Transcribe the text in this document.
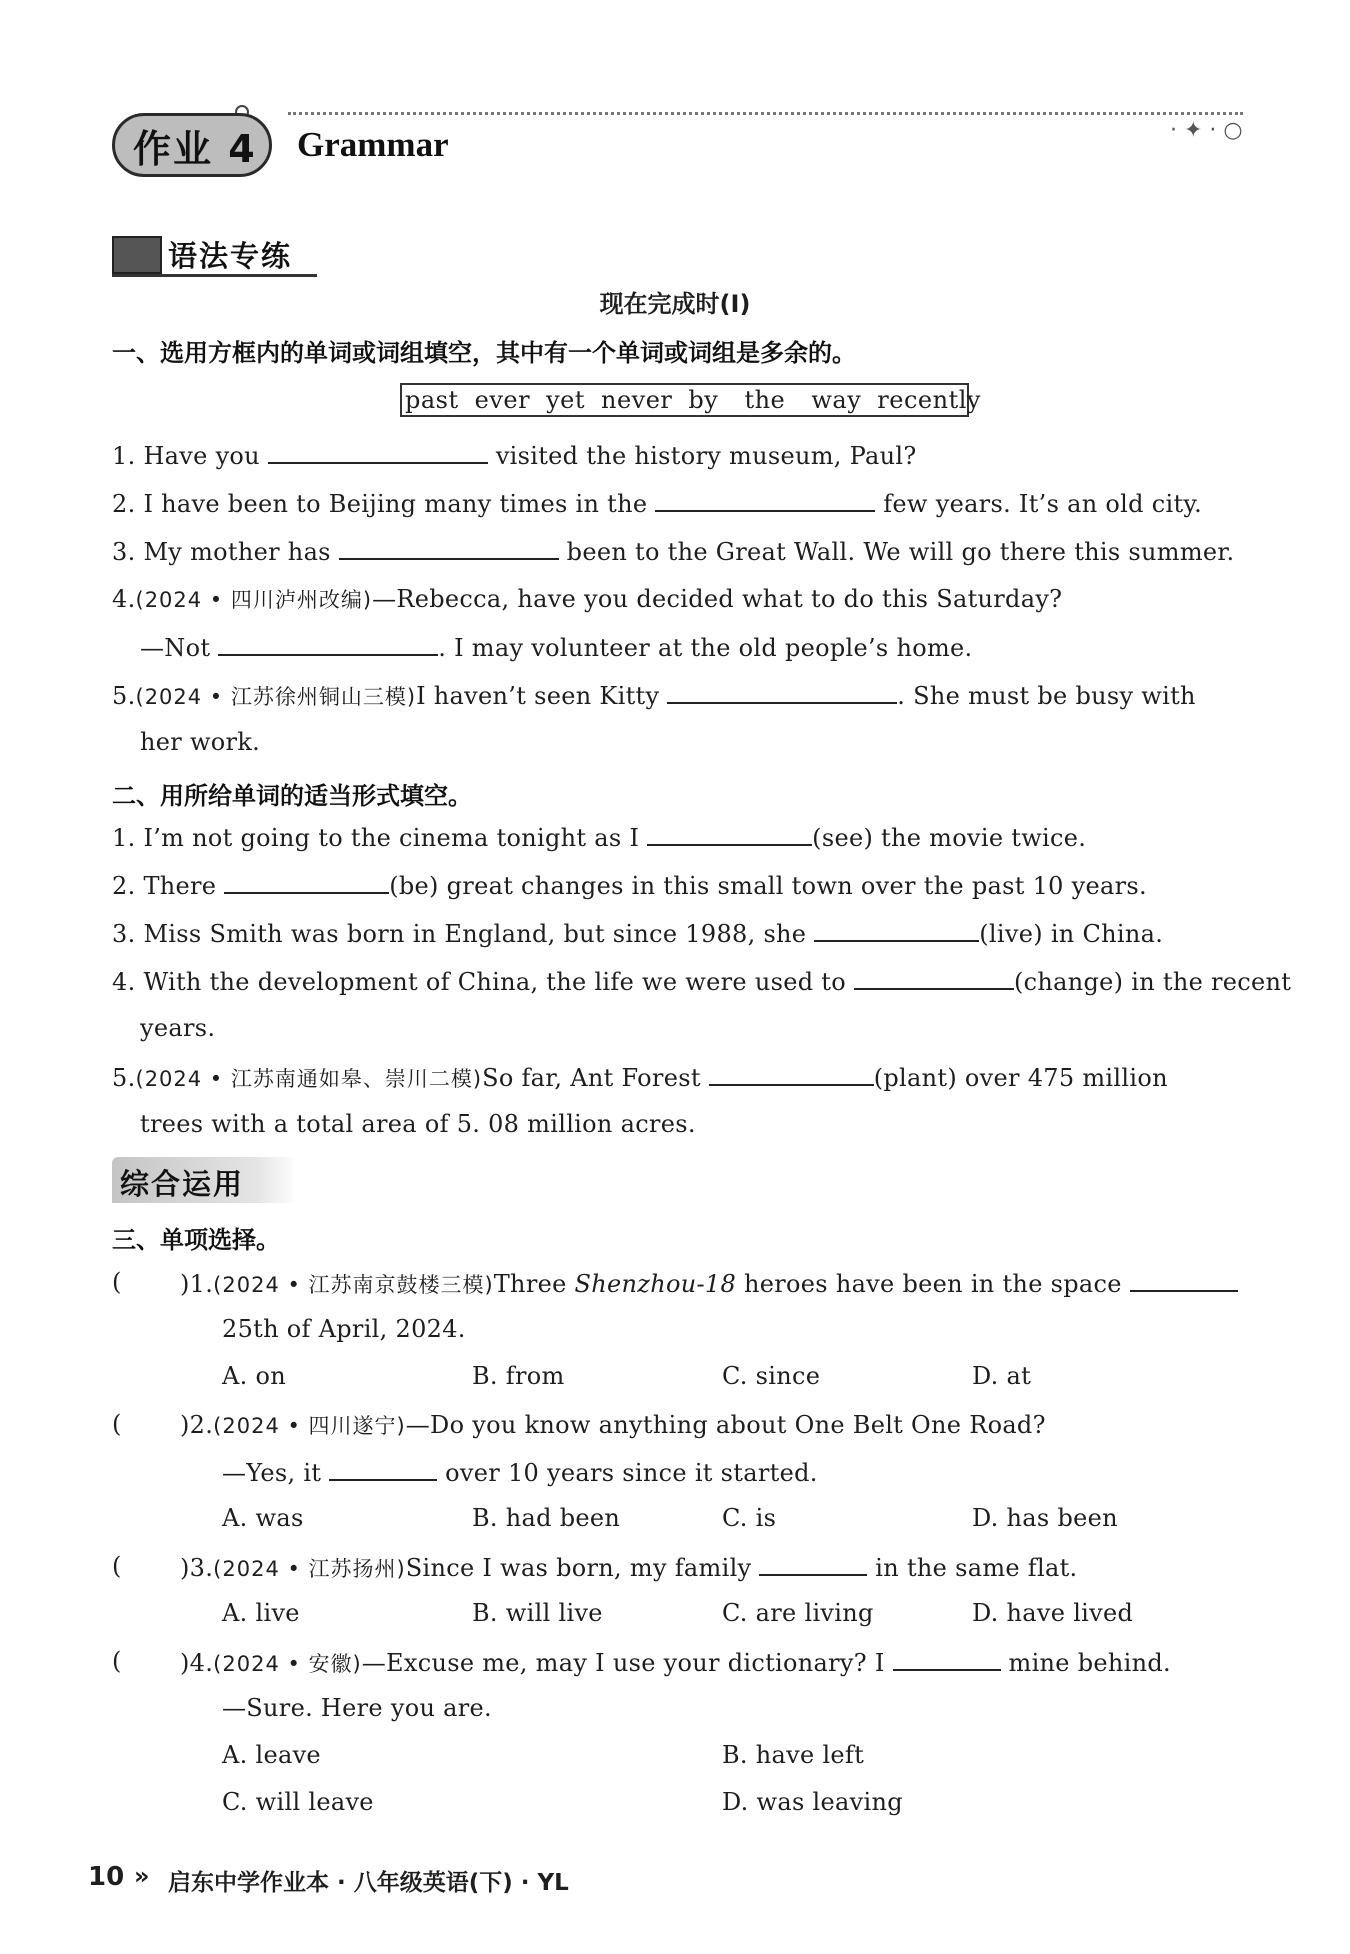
作业 4 Grammar	· ✦ · ○
语法专练
现在完成时(Ⅰ)
一、选用方框内的单词或词组填空，其中有一个单词或词组是多余的。
past ever yet never by the way recently
1. Have you	visited the history museum, Paul?
2. I have been to Beijing many times in the	few years. It’s an old city.
3. My mother has	been to the Great Wall. We will go there this summer.
4.(2024 • 四川泸州改编)—Rebecca, have you decided what to do this Saturday?
—Not	. I may volunteer at the old people’s home.
5.(2024 • 江苏徐州铜山三模)I haven’t seen Kitty	. She must be busy with
her work.
二、用所给单词的适当形式填空。
1. I’m not going to the cinema tonight as I	(see) the movie twice.
2. There	(be) great changes in this small town over the past 10 years.
3. Miss Smith was born in England, but since 1988, she	(live) in China.
4. With the development of China, the life we were used to	(change) in the recent
years.
5.(2024 • 江苏南通如皋、崇川二模)So far, Ant Forest	(plant) over 475 million
trees with a total area of 5. 08 million acres.
综合运用
三、单项选择。
( )1.(2024 • 江苏南京鼓楼三模)Three Shenzhou-18 heroes have been in the space
25th of April, 2024.
A. on	B. from	C. since	D. at
( )2.(2024 • 四川遂宁)—Do you know anything about One Belt One Road?
—Yes, it	over 10 years since it started.
A. was	B. had been	C. is	D. has been
( )3.(2024 • 江苏扬州)Since I was born, my family	in the same flat.
A. live	B. will live	C. are living	D. have lived
( )4.(2024 • 安徽)—Excuse me, may I use your dictionary? I	mine behind.
—Sure. Here you are.
A. leave	B. have left
C. will leave	D. was leaving
10 » 启东中学作业本 · 八年级英语(下) · YL
